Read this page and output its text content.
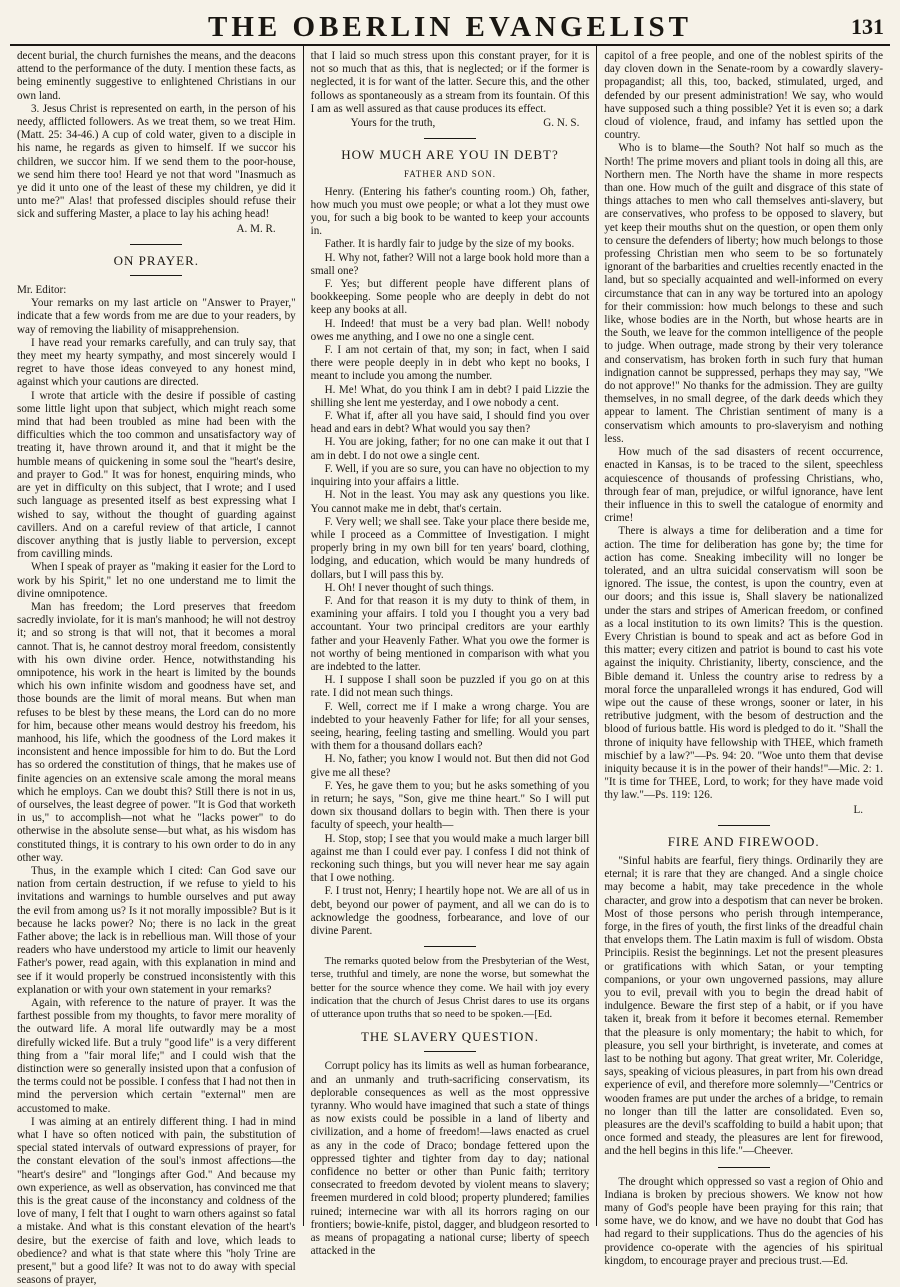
THE OBERLIN EVANGELIST	131

decent burial, the church furnishes the means, and the deacons attend to the performance of the duty. I mention these facts, as being eminently suggestive to enlightened Christians in our own land.

3. Jesus Christ is represented on earth, in the person of his needy, afflicted followers. As we treat them, so we treat Him. (Matt. 25: 34-46.) A cup of cold water, given to a disciple in his name, he regards as given to himself. If we succor his children, we succor him. If we send them to the poor-house, we send him there too! Heard ye not that word "Inasmuch as ye did it unto one of the least of these my children, ye did it unto me?" Alas! that professed disciples should refuse their sick and suffering Master, a place to lay his aching head!

A. M. R.
ON PRAYER.

Mr. Editor:

Your remarks on my last article on "Answer to Prayer," indicate that a few words from me are due to your readers, by way of removing the liability of misapprehension.

I have read your remarks carefully, and can truly say, that they meet my hearty sympathy, and most sincerely would I regret to have those ideas conveyed to any honest mind, against which your cautions are directed.

I wrote that article with the desire if possible of casting some little light upon that subject, which might reach some mind that had been troubled as mine had been with the difficulties which the too common and unsatisfactory way of treating it, have thrown around it, and that it might be the humble means of quickening in some soul the "heart's desire, and prayer to God." It was for honest, enquiring minds, who are yet in difficulty on this subject, that I wrote; and I used such language as presented itself as best expressing what I wished to say, without the thought of guarding against cavillers. And on a careful review of that article, I cannot discover anything that is justly liable to perversion, except from cavilling minds.

When I speak of prayer as "making it easier for the Lord to work by his Spirit," let no one understand me to limit the divine omnipotence.

Man has freedom; the Lord preserves that freedom sacredly inviolate, for it is man's manhood; he will not destroy it; and so strong is that will not, that it becomes a moral cannot. That is, he cannot destroy moral freedom, consistently with his own divine order. Hence, notwithstanding his omnipotence, his work in the heart is limited by the bounds which his own infinite wisdom and goodness have set, and those bounds are the limit of moral means. But when man refuses to be blest by these means, the Lord can do no more for him, because other means would destroy his freedom, his manhood, his life, which the goodness of the Lord makes it inconsistent and hence impossible for him to do. But the Lord has so ordered the constitution of things, that he makes use of finite agencies on an extensive scale among the moral means which he employs. Can we doubt this? Still there is not in us, of ourselves, the least degree of power. "It is God that worketh in us," to accomplish—not what he "lacks power" to do otherwise in the absolute sense—but what, as his wisdom has constituted things, it is contrary to his own order to do in any other way.

Thus, in the example which I cited: Can God save our nation from certain destruction, if we refuse to yield to his invitations and warnings to humble ourselves and put away the evil from among us? Is it not morally impossible? But is it because he lacks power? No; there is no lack in the great Father above; the lack is in rebellious man. Will those of your readers who have understood my article to limit our heavenly Father's power, read again, with this explanation in mind and see if it would properly be construed inconsistently with this explanation or with your own statement in your remarks?

Again, with reference to the nature of prayer. It was the farthest possible from my thoughts, to favor mere morality of the outward life. A moral life outwardly may be a most direfully wicked life. But a truly "good life" is a very different thing from a "fair moral life;" and I could wish that the distinction were so generally insisted upon that a confusion of the terms could not be possible. I confess that I had not then in mind the perversion which certain "external" men are accustomed to make.

I was aiming at an entirely different thing. I had in mind what I have so often noticed with pain, the substitution of special stated intervals of outward expressions of prayer, for the constant elevation of the soul's inmost affections—the "heart's desire" and "longings after God." And because my own experience, as well as observation, has convinced me that this is the great cause of the inconstancy and coldness of the love of many, I felt that I ought to warn others against so fatal a mistake. And what is this constant elevation of the heart's desire, but the exercise of faith and love, which leads to obedience? and what is that state where this "holy Trine are present," but a good life? It was not to do away with special seasons of prayer,

that I laid so much stress upon this constant prayer, for it is not so much that as this, that is neglected; or if the former is neglected, it is for want of the latter. Secure this, and the other follows as spontaneously as a stream from its fountain. Of this I am as well assured as that cause produces its effect.

Yours for the truth,	G. N. S.
HOW MUCH ARE YOU IN DEBT?
FATHER AND SON.

Henry. (Entering his father's counting room.) Oh, father, how much you must owe people; or what a lot they must owe you, for such a big book to be wanted to keep your accounts in.

Father. It is hardly fair to judge by the size of my books.

H. Why not, father? Will not a large book hold more than a small one?

F. Yes; but different people have different plans of bookkeeping. Some people who are deeply in debt do not keep any books at all.

H. Indeed! that must be a very bad plan. Well! nobody owes me anything, and I owe no one a single cent.

F. I am not certain of that, my son; in fact, when I said there were people deeply in in debt who kept no books, I meant to include you among the number.

H. Me! What, do you think I am in debt? I paid Lizzie the shilling she lent me yesterday, and I owe nobody a cent.

F. What if, after all you have said, I should find you over head and ears in debt? What would you say then?

H. You are joking, father; for no one can make it out that I am in debt. I do not owe a single cent.

F. Well, if you are so sure, you can have no objection to my inquiring into your affairs a little.

H. Not in the least. You may ask any questions you like. You cannot make me in debt, that's certain.

F. Very well; we shall see. Take your place there beside me, while I proceed as a Committee of Investigation. I might properly bring in my own bill for ten years' board, clothing, lodging, and education, which would be many hundreds of dollars, but I will pass this by.

H. Oh! I never thought of such things.

F. And for that reason it is my duty to think of them, in examining your affairs. I told you I thought you a very bad accountant. Your two principal creditors are your earthly father and your Heavenly Father. What you owe the former is not worthy of being mentioned in comparison with what you are indebted to the latter.

H. I suppose I shall soon be puzzled if you go on at this rate. I did not mean such things.

F. Well, correct me if I make a wrong charge. You are indebted to your heavenly Father for life; for all your senses, seeing, hearing, feeling tasting and smelling. Would you part with them for a thousand dollars each?

H. No, father; you know I would not. But then did not God give me all these?

F. Yes, he gave them to you; but he asks something of you in return; he says, "Son, give me thine heart." So I will put down six thousand dollars to begin with. Then there is your faculty of speech, your health—

H. Stop, stop; I see that you would make a much larger bill against me than I could ever pay. I confess I did not think of reckoning such things, but you will never hear me say again that I owe nothing.

F. I trust not, Henry; I heartily hope not. We are all of us in debt, beyond our power of payment, and all we can do is to acknowledge the goodness, forbearance, and love of our divine Parent.

The remarks quoted below from the Presbyterian of the West, terse, truthful and timely, are none the worse, but somewhat the better for the source whence they come. We hail with joy every indication that the church of Jesus Christ dares to use its organs of utterance upon truths that so need to be spoken.—[Ed.

THE SLAVERY QUESTION.

Corrupt policy has its limits as well as human forbearance, and an unmanly and truth-sacrificing conservatism, its deplorable consequences as well as the most oppressive tyranny. Who would have imagined that such a state of things as now exists could be possible in a land of liberty and civilization, and a home of freedom!—laws enacted as cruel as any in the code of Draco; bondage fettered upon the oppressed tighter and tighter from day to day; national confidence no better or other than Punic faith; territory consecrated to freedom devoted by violent means to slavery; freemen murdered in cold blood; property plundered; families ruined; internecine war with all its horrors raging on our frontiers; bowie-knife, pistol, dagger, and bludgeon resorted to as means of propagating a national curse; liberty of speech attacked in the

capitol of a free people, and one of the noblest spirits of the day cloven down in the Senate-room by a cowardly slavery-propagandist; all this, too, backed, stimulated, urged, and defended by our present administration! We say, who would have supposed such a thing possible? Yet it is even so; a dark cloud of violence, fraud, and infamy has settled upon the country.

Who is to blame—the South? Not half so much as the North! The prime movers and pliant tools in doing all this, are Northern men. The North have the shame in more respects than one. How much of the guilt and disgrace of this state of things attaches to men who call themselves anti-slavery, but are conservatives, who profess to be opposed to slavery, but yet keep their mouths shut on the question, or open them only to censure the defenders of liberty; how much belongs to those professing Christian men who seem to be so fortunately ignorant of the barbarities and cruelties recently enacted in the land, but so specially acquainted and well-informed on every circumstance that can in any way be tortured into an apology for their commission: how much belongs to these and such like, whose bodies are in the North, but whose hearts are in the South, we leave for the common intelligence of the people to judge. When outrage, made strong by their very tolerance and conservatism, has broken forth in such fury that human indignation cannot be suppressed, perhaps they may say, "We do not approve!" No thanks for the admission. They are guilty themselves, in no small degree, of the dark deeds which they appear to lament. The Christian sentiment of many is a conservatism which amounts to pro-slaveryism and nothing less.

How much of the sad disasters of recent occurrence, enacted in Kansas, is to be traced to the silent, speechless acquiescence of thousands of professing Christians, who, through fear of man, prejudice, or wilful ignorance, have lent their influence in this to swell the catalogue of enormity and crime!

There is always a time for deliberation and a time for action. The time for deliberation has gone by; the time for action has come. Sneaking imbecility will no longer be tolerated, and an ultra suicidal conservatism will soon be ignored. The issue, the contest, is upon the country, even at our doors; and this issue is, Shall slavery be nationalized under the stars and stripes of American freedom, or confined as a local institution to its own limits? This is the question. Every Christian is bound to speak and act as before God in this matter; every citizen and patriot is bound to cast his vote against the iniquity. Christianity, liberty, conscience, and the Bible demand it. Unless the country arise to redress by a moral force the unparalleled wrongs it has endured, God will wipe out the cause of these wrongs, sooner or later, in his retributive judgment, with the besom of destruction and the blood of furious battle. His word is pledged to do it. "Shall the throne of iniquity have fellowship with THEE, which frameth mischief by a law?"—Ps. 94: 20. "Woe unto them that devise iniquity because it is in the power of their hands!"—Mic. 2: 1. "It is time for THEE, Lord, to work; for they have made void thy law."—Ps. 119: 126.

L.
FIRE AND FIREWOOD.

"Sinful habits are fearful, fiery things. Ordinarily they are eternal; it is rare that they are changed. And a single choice may become a habit, may take precedence in the whole character, and grow into a despotism that can never be broken. Most of those persons who perish through intemperance, forge, in the fires of youth, the first links of the dreadful chain that envelops them. The Latin maxim is full of wisdom. Obsta Principiis. Resist the beginnings. Let not the present pleasures or gratifications with which Satan, or your tempting companions, or your own ungoverned passions, may allure you to evil, prevail with you to begin the dread habit of indulgence. Beware the first step of a habit, or if you have taken it, break from it before it becomes eternal. Remember that the pleasure is only momentary; the habit to which, for pleasure, you sell your birthright, is inveterate, and comes at last to be nothing but agony. That great writer, Mr. Coleridge, says, speaking of vicious pleasures, in part from his own dread experience of evil, and therefore more solemnly—"Centrics or wooden frames are put under the arches of a bridge, to remain no longer than till the latter are consolidated. Even so, pleasures are the devil's scaffolding to build a habit upon; that once formed and steady, the pleasures are lent for firewood, and the hell begins in this life."—Cheever.

The drought which oppressed so vast a region of Ohio and Indiana is broken by precious showers. We know not how many of God's people have been praying for this rain; that some have, we do know, and we have no doubt that God has had regard to their supplications. Thus do the agencies of his providence co-operate with the agencies of his spiritual kingdom, to encourage prayer and precious trust.—Ed.
